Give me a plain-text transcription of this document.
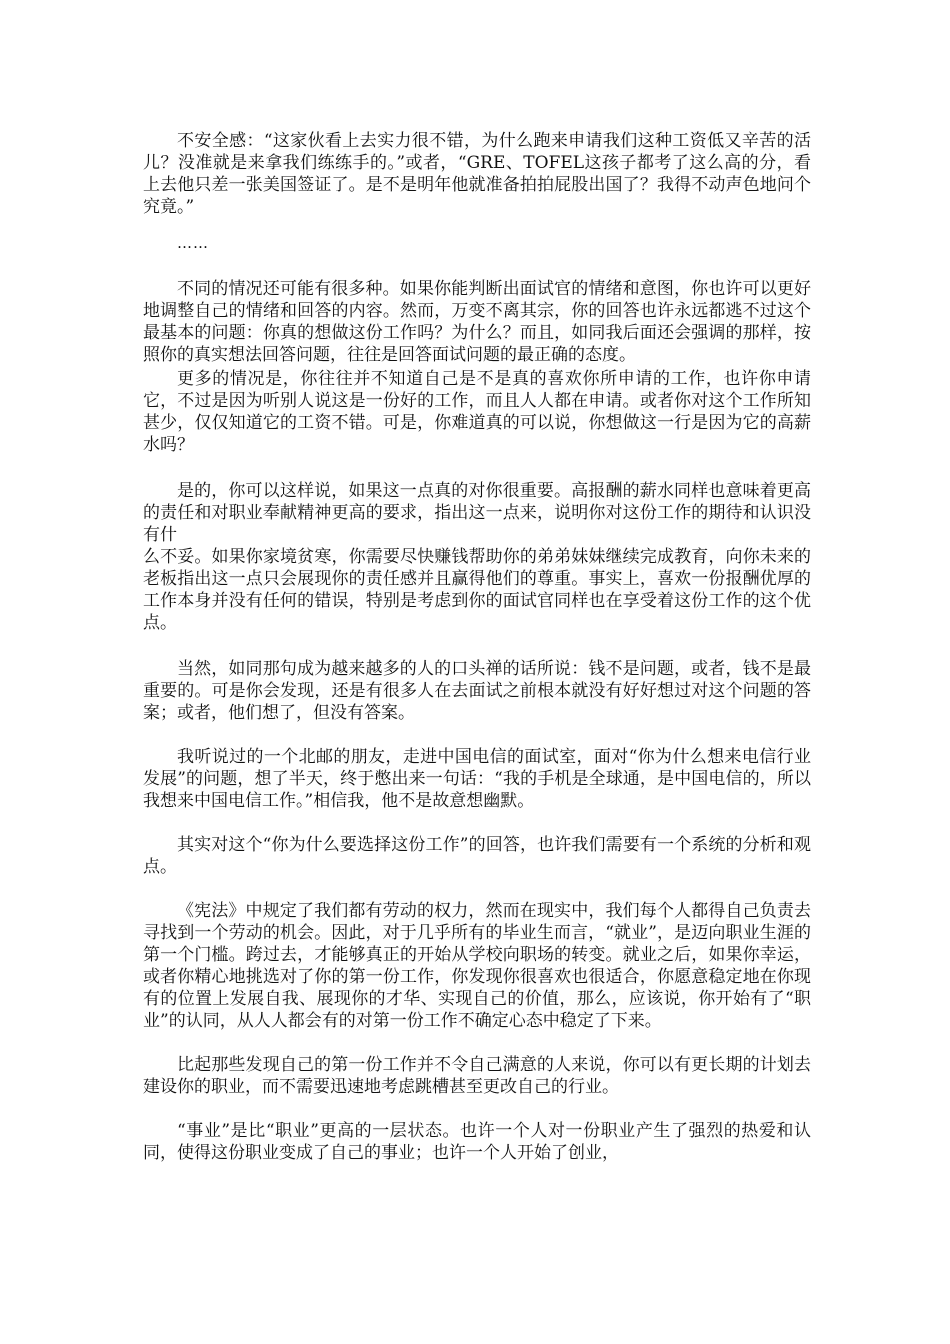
不安全感：“这家伙看上去实力很不错，为什么跑来申请我们这种工资低又辛苦的活儿？没准就是来拿我们练练手的。”或者，“GRE、TOFEL这孩子都考了这么高的分，看上去他只差一张美国签证了。是不是明年他就准备拍拍屁股出国了？我得不动声色地问个究竟。”

……

不同的情况还可能有很多种。如果你能判断出面试官的情绪和意图，你也许可以更好地调整自己的情绪和回答的内容。然而，万变不离其宗，你的回答也许永远都逃不过这个最基本的问题：你真的想做这份工作吗？为什么？而且，如同我后面还会强调的那样，按照你的真实想法回答问题，往往是回答面试问题的最正确的态度。

更多的情况是，你往往并不知道自己是不是真的喜欢你所申请的工作，也许你申请它，不过是因为听别人说这是一份好的工作，而且人人都在申请。或者你对这个工作所知甚少，仅仅知道它的工资不错。可是，你难道真的可以说，你想做这一行是因为它的高薪水吗？

是的，你可以这样说，如果这一点真的对你很重要。高报酬的薪水同样也意味着更高的责任和对职业奉献精神更高的要求，指出这一点来，说明你对这份工作的期待和认识没有什

么不妥。如果你家境贫寒，你需要尽快赚钱帮助你的弟弟妹妹继续完成教育，向你未来的老板指出这一点只会展现你的责任感并且赢得他们的尊重。事实上，喜欢一份报酬优厚的工作本身并没有任何的错误，特别是考虑到你的面试官同样也在享受着这份工作的这个优点。

当然，如同那句成为越来越多的人的口头禅的话所说：钱不是问题，或者，钱不是最重要的。可是你会发现，还是有很多人在去面试之前根本就没有好好想过对这个问题的答案；或者，他们想了，但没有答案。

我听说过的一个北邮的朋友，走进中国电信的面试室，面对“你为什么想来电信行业发展”的问题，想了半天，终于憋出来一句话：“我的手机是全球通，是中国电信的，所以我想来中国电信工作。”相信我，他不是故意想幽默。

其实对这个“你为什么要选择这份工作”的回答，也许我们需要有一个系统的分析和观点。

《宪法》中规定了我们都有劳动的权力，然而在现实中，我们每个人都得自己负责去寻找到一个劳动的机会。因此，对于几乎所有的毕业生而言，“就业”，是迈向职业生涯的第一个门槛。跨过去，才能够真正的开始从学校向职场的转变。就业之后，如果你幸运，或者你精心地挑选对了你的第一份工作，你发现你很喜欢也很适合，你愿意稳定地在你现有的位置上发展自我、展现你的才华、实现自己的价值，那么，应该说，你开始有了“职业”的认同，从人人都会有的对第一份工作不确定心态中稳定了下来。

比起那些发现自己的第一份工作并不令自己满意的人来说，你可以有更长期的计划去建设你的职业，而不需要迅速地考虑跳槽甚至更改自己的行业。

“事业”是比“职业”更高的一层状态。也许一个人对一份职业产生了强烈的热爱和认同，使得这份职业变成了自己的事业；也许一个人开始了创业，
